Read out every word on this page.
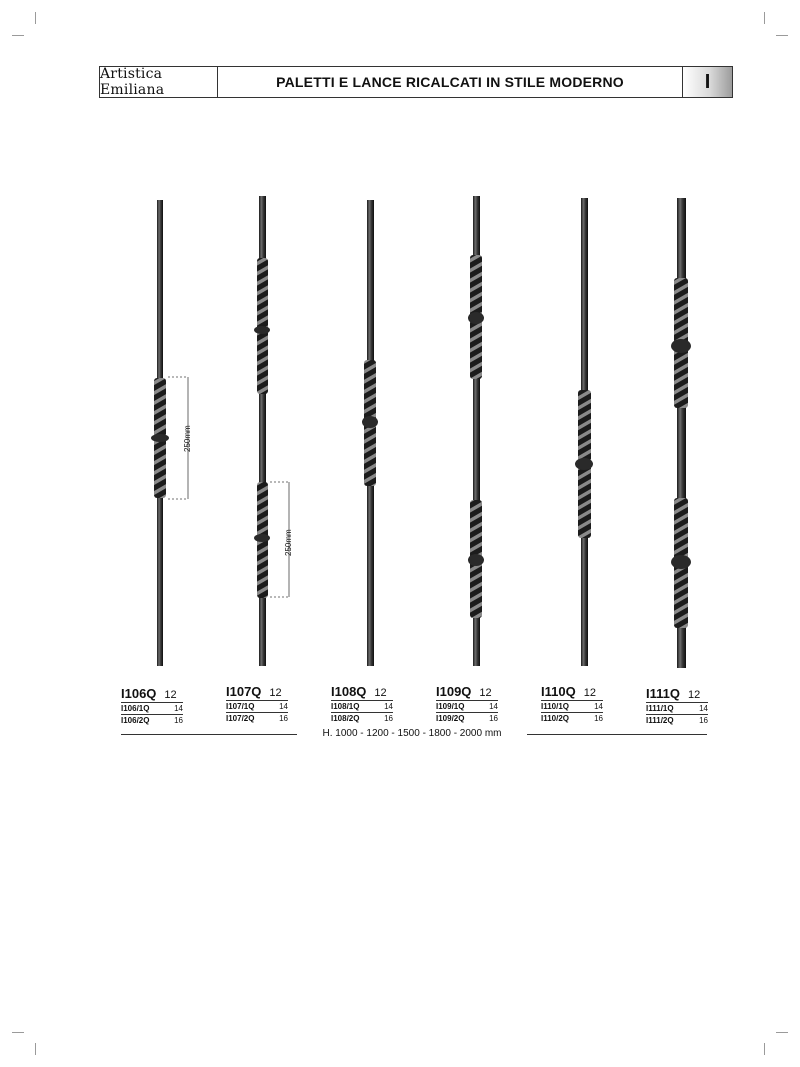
Artistica Emiliana	PALETTI E LANCE RICALCATI IN STILE MODERNO	I
250mm
250mm
I106Q 12
I106/1Q	14
I106/2Q	16
I107Q 12
I107/1Q	14
I107/2Q	16
I108Q 12
I108/1Q	14
I108/2Q	16
I109Q 12
I109/1Q	14
I109/2Q	16
I110Q 12
I110/1Q	14
I110/2Q	16
I111Q 12
I111/1Q	14
I111/2Q	16
H. 1000 - 1200 - 1500 - 1800 - 2000 mm
